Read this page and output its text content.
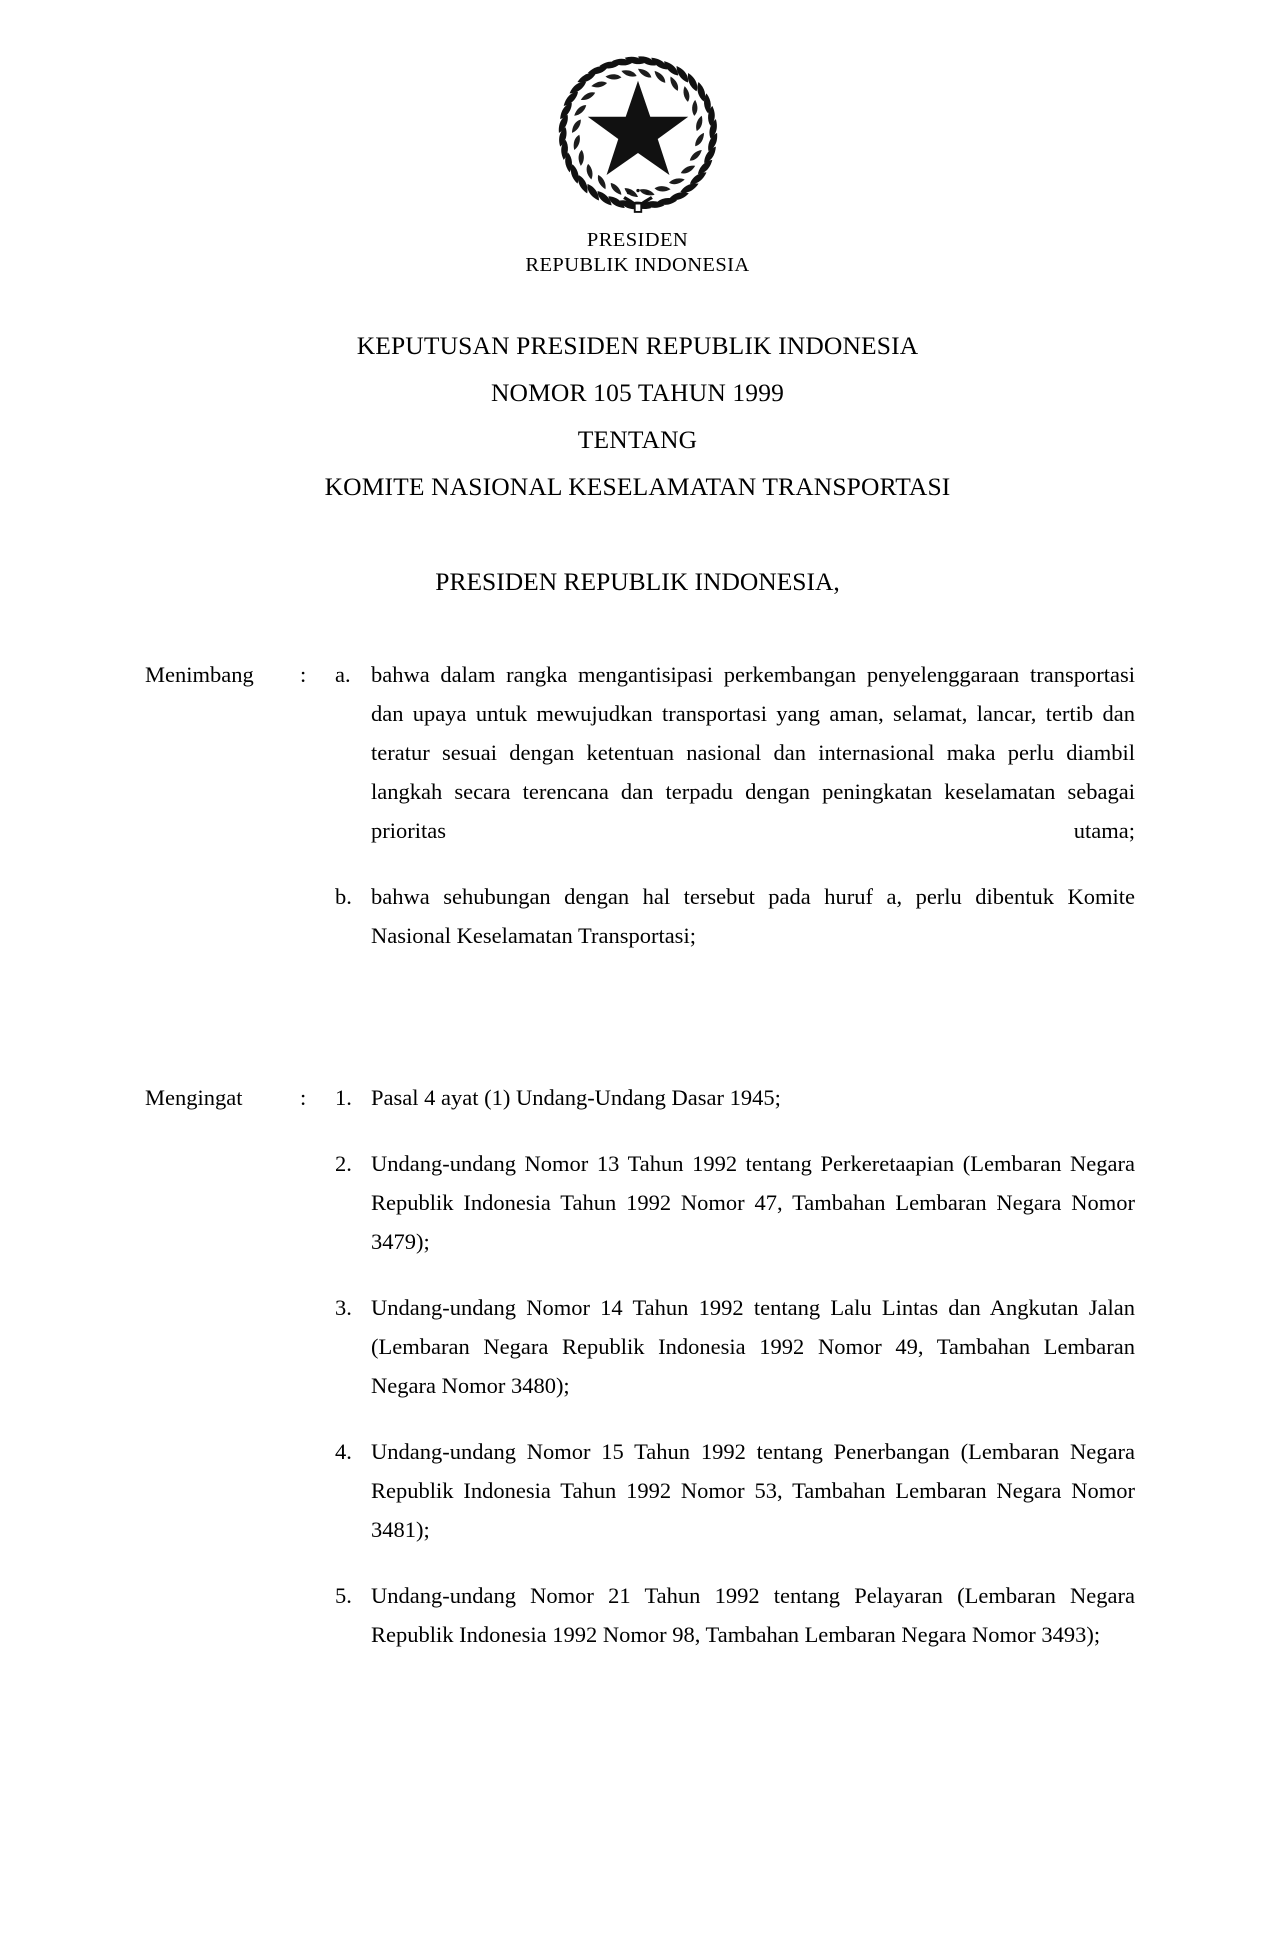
PRESIDEN
REPUBLIK INDONESIA
KEPUTUSAN PRESIDEN REPUBLIK INDONESIA
NOMOR 105 TAHUN 1999
TENTANG
KOMITE NASIONAL KESELAMATAN TRANSPORTASI
PRESIDEN REPUBLIK INDONESIA,
Menimbang	:	a. bahwa dalam rangka mengantisipasi perkembangan penyelenggaraan transportasi dan upaya untuk mewujudkan transportasi yang aman, selamat, lancar, tertib dan teratur sesuai dengan ketentuan nasional dan internasional maka perlu diambil langkah secara terencana dan terpadu dengan peningkatan keselamatan sebagai prioritas utama;
b. bahwa sehubungan dengan hal tersebut pada huruf a, perlu dibentuk Komite Nasional Keselamatan Transportasi;
Mengingat	:	1. Pasal 4 ayat (1) Undang-Undang Dasar 1945;
2. Undang-undang Nomor 13 Tahun 1992 tentang Perkeretaapian (Lembaran Negara Republik Indonesia Tahun 1992 Nomor 47, Tambahan Lembaran Negara Nomor 3479);
3. Undang-undang Nomor 14 Tahun 1992 tentang Lalu Lintas dan Angkutan Jalan (Lembaran Negara Republik Indonesia 1992 Nomor 49, Tambahan Lembaran Negara Nomor 3480);
4. Undang-undang Nomor 15 Tahun 1992 tentang Penerbangan (Lembaran Negara Republik Indonesia Tahun 1992 Nomor 53, Tambahan Lembaran Negara Nomor 3481);
5. Undang-undang Nomor 21 Tahun 1992 tentang Pelayaran (Lembaran Negara Republik Indonesia 1992 Nomor 98, Tambahan Lembaran Negara Nomor 3493);
